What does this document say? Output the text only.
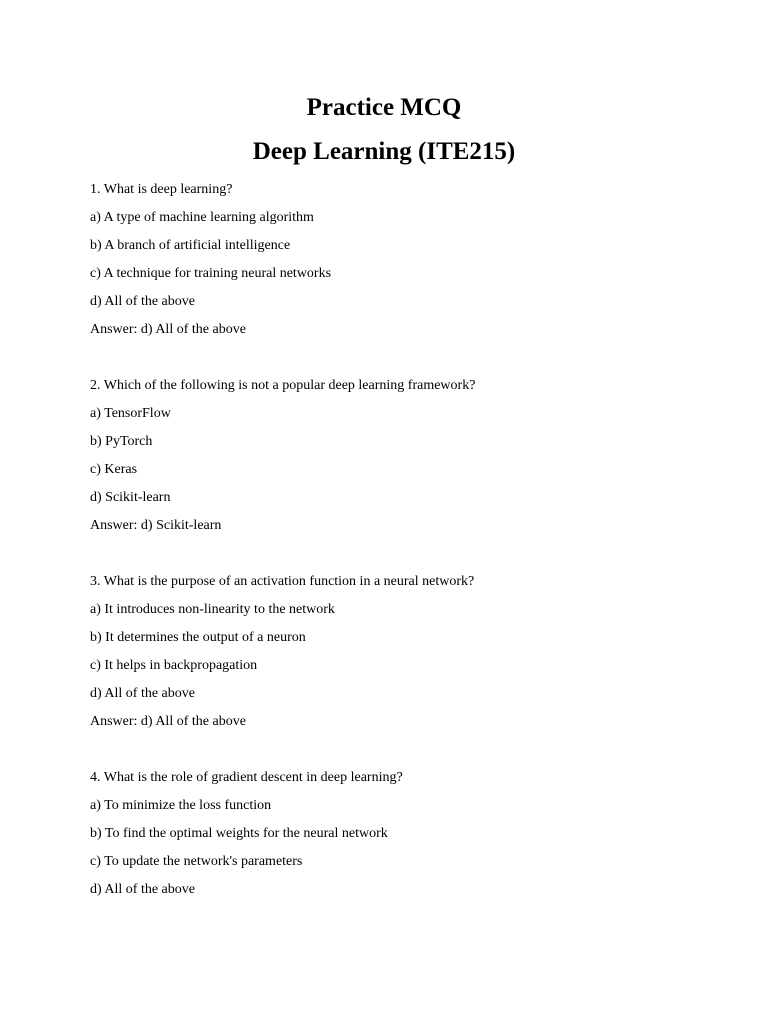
Practice MCQ
Deep Learning (ITE215)

1. What is deep learning?

a) A type of machine learning algorithm

b) A branch of artificial intelligence

c) A technique for training neural networks

d) All of the above

Answer: d) All of the above

2. Which of the following is not a popular deep learning framework?

a) TensorFlow

b) PyTorch

c) Keras

d) Scikit-learn

Answer: d) Scikit-learn

3. What is the purpose of an activation function in a neural network?

a) It introduces non-linearity to the network

b) It determines the output of a neuron

c) It helps in backpropagation

d) All of the above

Answer: d) All of the above

4. What is the role of gradient descent in deep learning?

a) To minimize the loss function

b) To find the optimal weights for the neural network

c) To update the network's parameters

d) All of the above
